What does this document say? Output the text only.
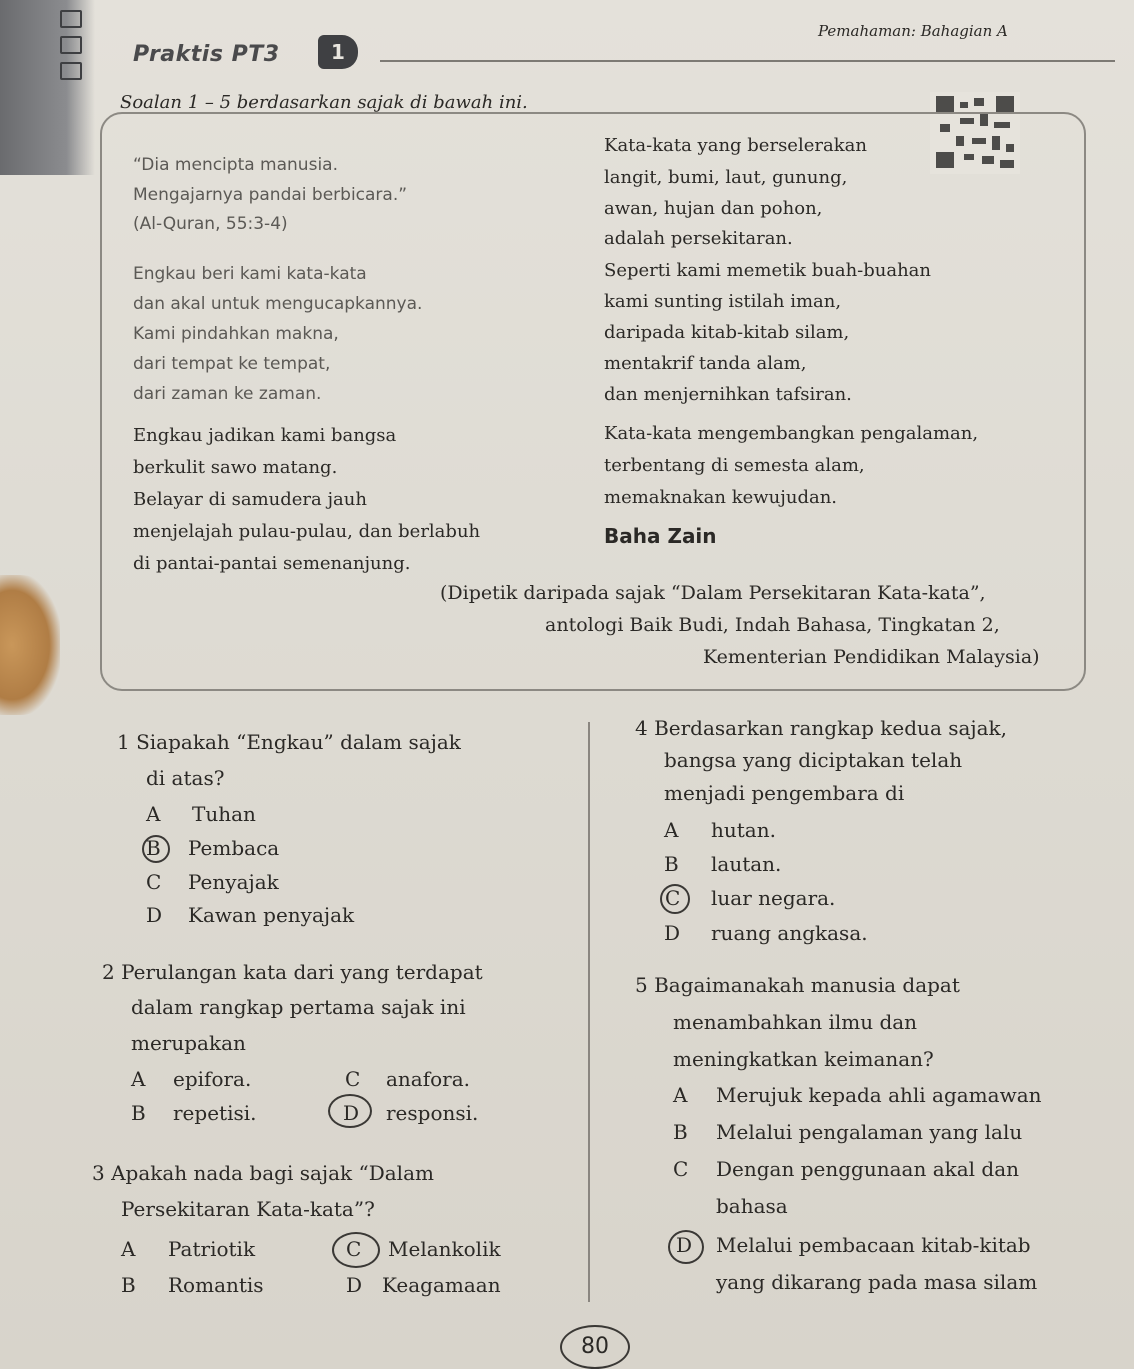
Praktis PT3	1
Pemahaman: Bahagian A
Soalan 1 – 5 berdasarkan sajak di bawah ini.
“Dia mencipta manusia.
Mengajarnya pandai berbicara.”
(Al-Quran, 55:3-4)
Engkau beri kami kata-kata
dan akal untuk mengucapkannya.
Kami pindahkan makna,
dari tempat ke tempat,
dari zaman ke zaman.
Engkau jadikan kami bangsa
berkulit sawo matang.
Belayar di samudera jauh
menjelajah pulau-pulau, dan berlabuh
di pantai-pantai semenanjung.
Kata-kata yang berselerakan
langit, bumi, laut, gunung,
awan, hujan dan pohon,
adalah persekitaran.
Seperti kami memetik buah-buahan
kami sunting istilah iman,
daripada kitab-kitab silam,
mentakrif tanda alam,
dan menjernihkan tafsiran.
Kata-kata mengembangkan pengalaman,
terbentang di semesta alam,
memaknakan kewujudan.
Baha Zain
(Dipetik daripada sajak “Dalam Persekitaran Kata-kata”,
antologi Baik Budi, Indah Bahasa, Tingkatan 2,
Kementerian Pendidikan Malaysia)
1 Siapakah “Engkau” dalam sajak
di atas?
A Tuhan
B Pembaca
C Penyajak
D Kawan penyajak
2 Perulangan kata dari yang terdapat
dalam rangkap pertama sajak ini
merupakan
A epifora.
B repetisi.
C anafora.
D responsi.
3 Apakah nada bagi sajak “Dalam
Persekitaran Kata-kata”?
A Patriotik
B Romantis
C Melankolik
D Keagamaan
4 Berdasarkan rangkap kedua sajak,
bangsa yang diciptakan telah
menjadi pengembara di
A hutan.
B lautan.
C luar negara.
D ruang angkasa.
5 Bagaimanakah manusia dapat
menambahkan ilmu dan
meningkatkan keimanan?
A Merujuk kepada ahli agamawan
B Melalui pengalaman yang lalu
C Dengan penggunaan akal dan
bahasa
D Melalui pembacaan kitab-kitab
yang dikarang pada masa silam
80
